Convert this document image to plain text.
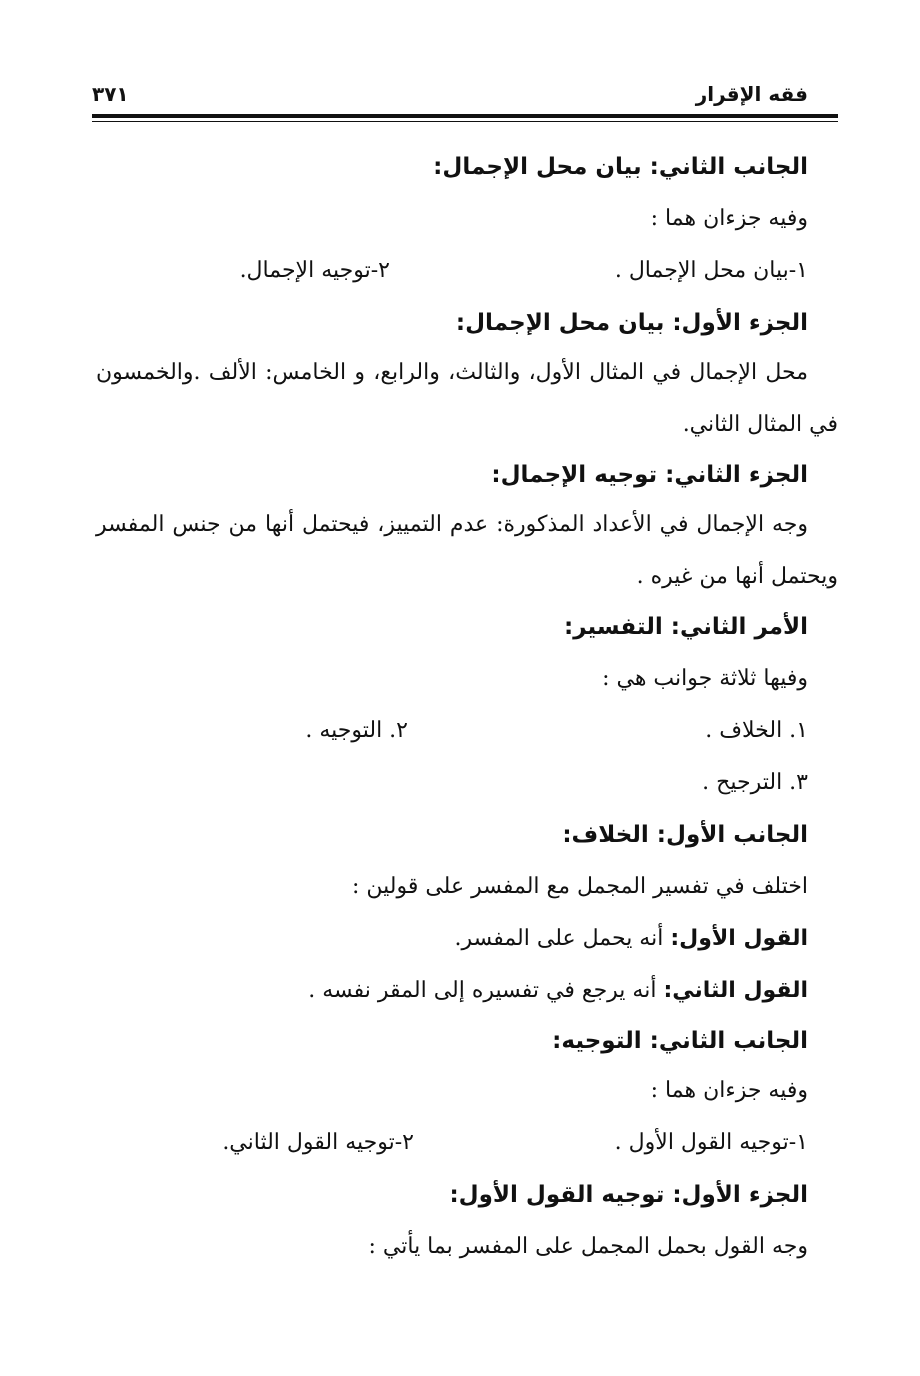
فقه الإقرار
٣٧١
الجانب الثاني: بيان محل الإجمال:
وفيه جزءان هما :
١-بيان محل الإجمال .
٢-توجيه الإجمال.
الجزء الأول: بيان محل الإجمال:
محل الإجمال في المثال الأول، والثالث، والرابع، و الخامس: الألف .والخمسون
في المثال الثاني.
الجزء الثاني: توجيه الإجمال:
وجه الإجمال في الأعداد المذكورة: عدم التمييز، فيحتمل أنها من جنس المفسر
ويحتمل أنها من غيره .
الأمر الثاني: التفسير:
وفيها ثلاثة جوانب هي :
١. الخلاف .
٢. التوجيه .
٣. الترجيح .
الجانب الأول: الخلاف:
اختلف في تفسير المجمل مع المفسر على قولين :
القول الأول: أنه يحمل على المفسر.
القول الثاني: أنه يرجع في تفسيره إلى المقر نفسه .
الجانب الثاني: التوجيه:
وفيه جزءان هما :
١-توجيه القول الأول .
٢-توجيه القول الثاني.
الجزء الأول: توجيه القول الأول:
وجه القول بحمل المجمل على المفسر بما يأتي :
